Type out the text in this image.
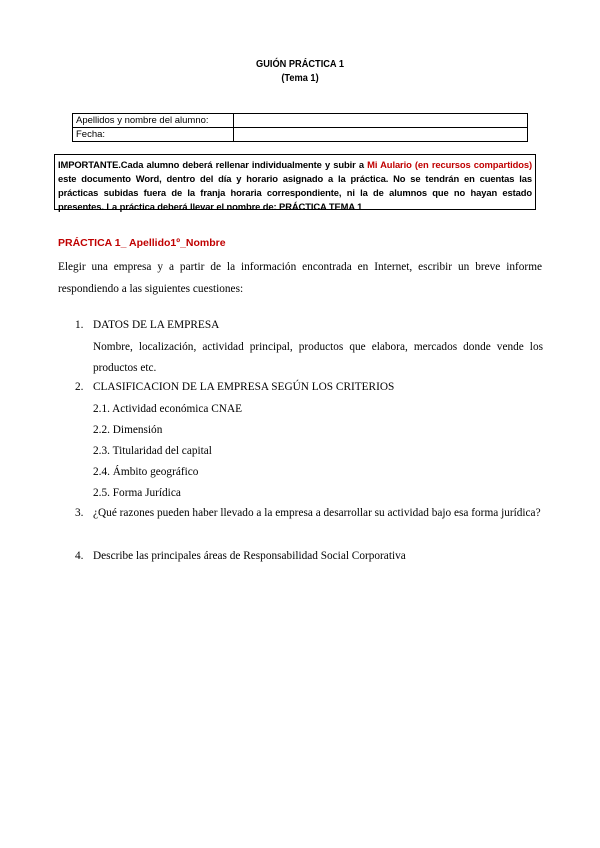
GUIÓN PRÁCTICA 1
(Tema 1)
Apellidos y nombre del alumno:	
Fecha:	
IMPORTANTE.Cada alumno deberá rellenar individualmente y subir a Mi Aulario (en recursos compartidos) este documento Word, dentro del día y horario asignado a la práctica. No se tendrán en cuentas las prácticas subidas fuera de la franja horaria correspondiente, ni la de alumnos que no hayan estado presentes. La práctica deberá llevar el nombre de: PRÁCTICA TEMA 1
PRÁCTICA 1_ Apellido1º_Nombre
Elegir una empresa y a partir de la información encontrada en Internet, escribir un breve informe respondiendo a las siguientes cuestiones:
1. DATOS DE LA EMPRESA
Nombre, localización, actividad principal, productos que elabora, mercados donde vende los productos etc.
2. CLASIFICACION DE LA EMPRESA SEGÚN LOS CRITERIOS
2.1. Actividad económica CNAE
2.2. Dimensión
2.3. Titularidad del capital
2.4. Ámbito geográfico
2.5. Forma Jurídica
3. ¿Qué razones pueden haber llevado a la empresa a desarrollar su actividad bajo esa forma jurídica?
4. Describe las principales áreas de Responsabilidad Social Corporativa
